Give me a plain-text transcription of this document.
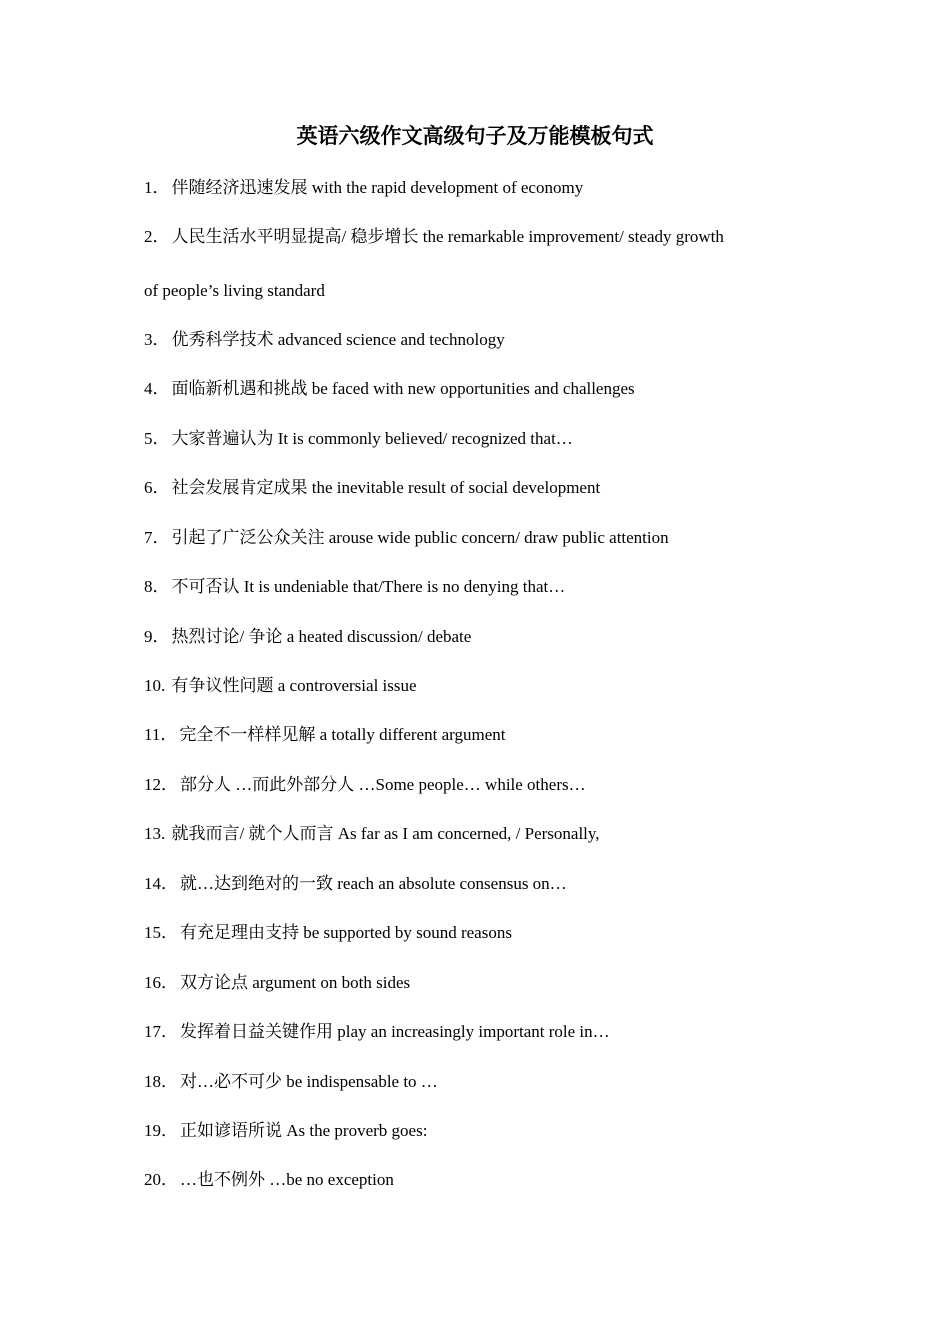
英语六级作文高级句子及万能模板句式
1． 伴随经济迅速发展 with the rapid development of economy
2． 人民生活水平明显提高/ 稳步增长 the remarkable improvement/ steady growth
of people’s living standard
3． 优秀科学技术 advanced science and technology
4． 面临新机遇和挑战 be faced with new opportunities and challenges
5． 大家普遍认为 It is commonly believed/ recognized that…
6． 社会发展肯定成果 the inevitable result of social development
7． 引起了广泛公众关注 arouse wide public concern/ draw public attention
8． 不可否认 It is undeniable that/There is no denying that…
9． 热烈讨论/ 争论 a heated discussion/ debate
10. 有争议性问题 a controversial issue
11． 完全不一样样见解 a totally different argument
12． 部分人 …而此外部分人 …Some people… while others…
13. 就我而言/ 就个人而言 As far as I am concerned, / Personally,
14． 就…达到绝对的一致 reach an absolute consensus on…
15． 有充足理由支持 be supported by sound reasons
16． 双方论点 argument on both sides
17． 发挥着日益关键作用 play an increasingly important role in…
18． 对…必不可少 be indispensable to …
19． 正如谚语所说 As the proverb goes:
20． …也不例外 …be no exception
